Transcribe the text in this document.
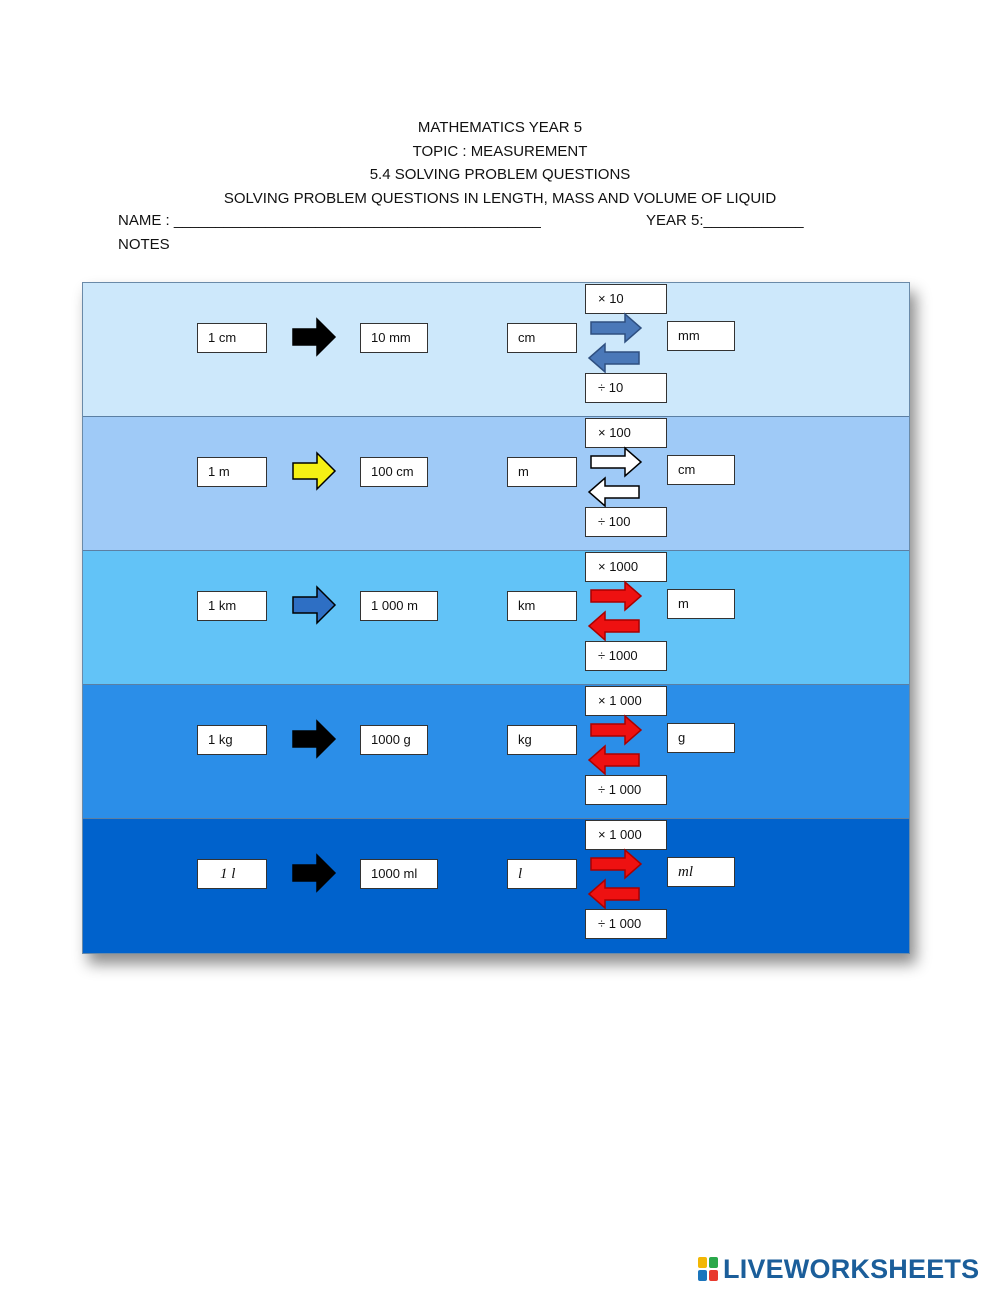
MATHEMATICS YEAR 5
TOPIC : MEASUREMENT
5.4 SOLVING PROBLEM QUESTIONS
SOLVING PROBLEM QUESTIONS IN LENGTH, MASS AND VOLUME OF LIQUID
NAME : ____________________________________________	YEAR 5:____________
NOTES
1 cm	10 mm	cm
× 10
÷ 10
mm
1 m	100 cm	m
× 100
÷ 100
cm
1 km	1 000 m	km
× 1000
÷ 1000
m
1 kg	1000 g	kg
× 1 000
÷ 1 000
g
1 l	1000 ml	l
× 1 000
÷ 1 000
ml
LIVEWORKSHEETS
